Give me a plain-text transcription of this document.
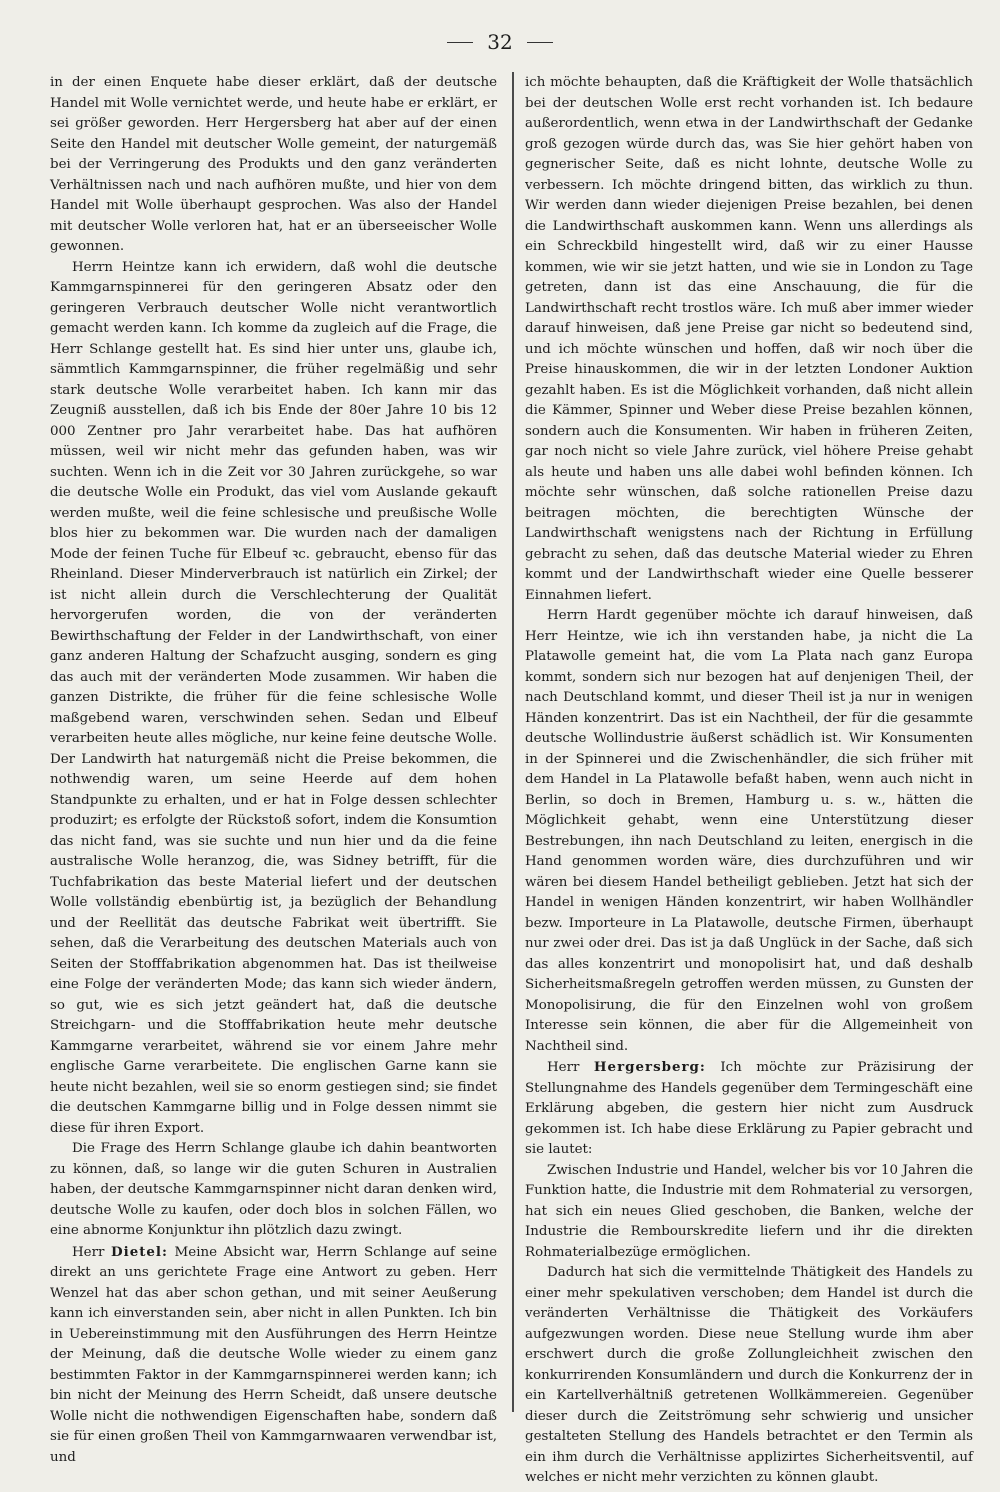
32

in der einen Enquete habe dieser erklärt, daß der deutsche Handel mit Wolle vernichtet werde, und heute habe er erklärt, er sei größer geworden. Herr Hergersberg hat aber auf der einen Seite den Handel mit deutscher Wolle gemeint, der naturgemäß bei der Verringerung des Produkts und den ganz veränderten Verhältnissen nach und nach aufhören mußte, und hier von dem Handel mit Wolle überhaupt gesprochen. Was also der Handel mit deutscher Wolle verloren hat, hat er an überseeischer Wolle gewonnen.

Herrn Heintze kann ich erwidern, daß wohl die deutsche Kammgarnspinnerei für den geringeren Absatz oder den geringeren Verbrauch deutscher Wolle nicht verantwortlich gemacht werden kann. Ich komme da zugleich auf die Frage, die Herr Schlange gestellt hat. Es sind hier unter uns, glaube ich, sämmtlich Kammgarnspinner, die früher regelmäßig und sehr stark deutsche Wolle verarbeitet haben. Ich kann mir das Zeugniß ausstellen, daß ich bis Ende der 80er Jahre 10 bis 12 000 Zentner pro Jahr verarbeitet habe. Das hat aufhören müssen, weil wir nicht mehr das gefunden haben, was wir suchten. Wenn ich in die Zeit vor 30 Jahren zurückgehe, so war die deutsche Wolle ein Produkt, das viel vom Auslande gekauft werden mußte, weil die feine schlesische und preußische Wolle blos hier zu bekommen war. Die wurden nach der damaligen Mode der feinen Tuche für Elbeuf ꝛc. gebraucht, ebenso für das Rheinland. Dieser Minderverbrauch ist natürlich ein Zirkel; der ist nicht allein durch die Verschlechterung der Qualität hervorgerufen worden, die von der veränderten Bewirthschaftung der Felder in der Landwirthschaft, von einer ganz anderen Haltung der Schafzucht ausging, sondern es ging das auch mit der veränderten Mode zusammen. Wir haben die ganzen Distrikte, die früher für die feine schlesische Wolle maßgebend waren, verschwinden sehen. Sedan und Elbeuf verarbeiten heute alles mögliche, nur keine feine deutsche Wolle. Der Landwirth hat naturgemäß nicht die Preise bekommen, die nothwendig waren, um seine Heerde auf dem hohen Standpunkte zu erhalten, und er hat in Folge dessen schlechter produzirt; es erfolgte der Rückstoß sofort, indem die Konsumtion das nicht fand, was sie suchte und nun hier und da die feine australische Wolle heranzog, die, was Sidney betrifft, für die Tuchfabrikation das beste Material liefert und der deutschen Wolle vollständig ebenbürtig ist, ja bezüglich der Behandlung und der Reellität das deutsche Fabrikat weit übertrifft. Sie sehen, daß die Verarbeitung des deutschen Materials auch von Seiten der Stofffabrikation abgenommen hat. Das ist theilweise eine Folge der veränderten Mode; das kann sich wieder ändern, so gut, wie es sich jetzt geändert hat, daß die deutsche Streichgarn- und die Stofffabrikation heute mehr deutsche Kammgarne verarbeitet, während sie vor einem Jahre mehr englische Garne verarbeitete. Die englischen Garne kann sie heute nicht bezahlen, weil sie so enorm gestiegen sind; sie findet die deutschen Kammgarne billig und in Folge dessen nimmt sie diese für ihren Export.

Die Frage des Herrn Schlange glaube ich dahin beantworten zu können, daß, so lange wir die guten Schuren in Australien haben, der deutsche Kammgarnspinner nicht daran denken wird, deutsche Wolle zu kaufen, oder doch blos in solchen Fällen, wo eine abnorme Konjunktur ihn plötzlich dazu zwingt.

Herr Dietel: Meine Absicht war, Herrn Schlange auf seine direkt an uns gerichtete Frage eine Antwort zu geben. Herr Wenzel hat das aber schon gethan, und mit seiner Aeußerung kann ich einverstanden sein, aber nicht in allen Punkten. Ich bin in Uebereinstimmung mit den Ausführungen des Herrn Heintze der Meinung, daß die deutsche Wolle wieder zu einem ganz bestimmten Faktor in der Kammgarnspinnerei werden kann; ich bin nicht der Meinung des Herrn Scheidt, daß unsere deutsche Wolle nicht die nothwendigen Eigenschaften habe, sondern daß sie für einen großen Theil von Kammgarnwaaren verwendbar ist, und

ich möchte behaupten, daß die Kräftigkeit der Wolle thatsächlich bei der deutschen Wolle erst recht vorhanden ist. Ich bedaure außerordentlich, wenn etwa in der Landwirthschaft der Gedanke groß gezogen würde durch das, was Sie hier gehört haben von gegnerischer Seite, daß es nicht lohnte, deutsche Wolle zu verbessern. Ich möchte dringend bitten, das wirklich zu thun. Wir werden dann wieder diejenigen Preise bezahlen, bei denen die Landwirthschaft auskommen kann. Wenn uns allerdings als ein Schreckbild hingestellt wird, daß wir zu einer Hausse kommen, wie wir sie jetzt hatten, und wie sie in London zu Tage getreten, dann ist das eine Anschauung, die für die Landwirthschaft recht trostlos wäre. Ich muß aber immer wieder darauf hinweisen, daß jene Preise gar nicht so bedeutend sind, und ich möchte wünschen und hoffen, daß wir noch über die Preise hinauskommen, die wir in der letzten Londoner Auktion gezahlt haben. Es ist die Möglichkeit vorhanden, daß nicht allein die Kämmer, Spinner und Weber diese Preise bezahlen können, sondern auch die Konsumenten. Wir haben in früheren Zeiten, gar noch nicht so viele Jahre zurück, viel höhere Preise gehabt als heute und haben uns alle dabei wohl befinden können. Ich möchte sehr wünschen, daß solche rationellen Preise dazu beitragen möchten, die berechtigten Wünsche der Landwirthschaft wenigstens nach der Richtung in Erfüllung gebracht zu sehen, daß das deutsche Material wieder zu Ehren kommt und der Landwirthschaft wieder eine Quelle besserer Einnahmen liefert.

Herrn Hardt gegenüber möchte ich darauf hinweisen, daß Herr Heintze, wie ich ihn verstanden habe, ja nicht die La Platawolle gemeint hat, die vom La Plata nach ganz Europa kommt, sondern sich nur bezogen hat auf denjenigen Theil, der nach Deutschland kommt, und dieser Theil ist ja nur in wenigen Händen konzentrirt. Das ist ein Nachtheil, der für die gesammte deutsche Wollindustrie äußerst schädlich ist. Wir Konsumenten in der Spinnerei und die Zwischenhändler, die sich früher mit dem Handel in La Platawolle befaßt haben, wenn auch nicht in Berlin, so doch in Bremen, Hamburg u. s. w., hätten die Möglichkeit gehabt, wenn eine Unterstützung dieser Bestrebungen, ihn nach Deutschland zu leiten, energisch in die Hand genommen worden wäre, dies durchzuführen und wir wären bei diesem Handel betheiligt geblieben. Jetzt hat sich der Handel in wenigen Händen konzentrirt, wir haben Wollhändler bezw. Importeure in La Platawolle, deutsche Firmen, überhaupt nur zwei oder drei. Das ist ja daß Unglück in der Sache, daß sich das alles konzentrirt und monopolisirt hat, und daß deshalb Sicherheitsmaßregeln getroffen werden müssen, zu Gunsten der Monopolisirung, die für den Einzelnen wohl von großem Interesse sein können, die aber für die Allgemeinheit von Nachtheil sind.

Herr Hergersberg: Ich möchte zur Präzisirung der Stellungnahme des Handels gegenüber dem Termingeschäft eine Erklärung abgeben, die gestern hier nicht zum Ausdruck gekommen ist. Ich habe diese Erklärung zu Papier gebracht und sie lautet:

Zwischen Industrie und Handel, welcher bis vor 10 Jahren die Funktion hatte, die Industrie mit dem Rohmaterial zu versorgen, hat sich ein neues Glied geschoben, die Banken, welche der Industrie die Rembourskredite liefern und ihr die direkten Rohmaterialbezüge ermöglichen.

Dadurch hat sich die vermittelnde Thätigkeit des Handels zu einer mehr spekulativen verschoben; dem Handel ist durch die veränderten Verhältnisse die Thätigkeit des Vorkäufers aufgezwungen worden. Diese neue Stellung wurde ihm aber erschwert durch die große Zollungleichheit zwischen den konkurrirenden Konsumländern und durch die Konkurrenz der in ein Kartellverhältniß getretenen Wollkämmereien. Gegenüber dieser durch die Zeitströmung sehr schwierig und unsicher gestalteten Stellung des Handels betrachtet er den Termin als ein ihm durch die Verhältnisse applizirtes Sicherheitsventil, auf welches er nicht mehr verzichten zu können glaubt.
